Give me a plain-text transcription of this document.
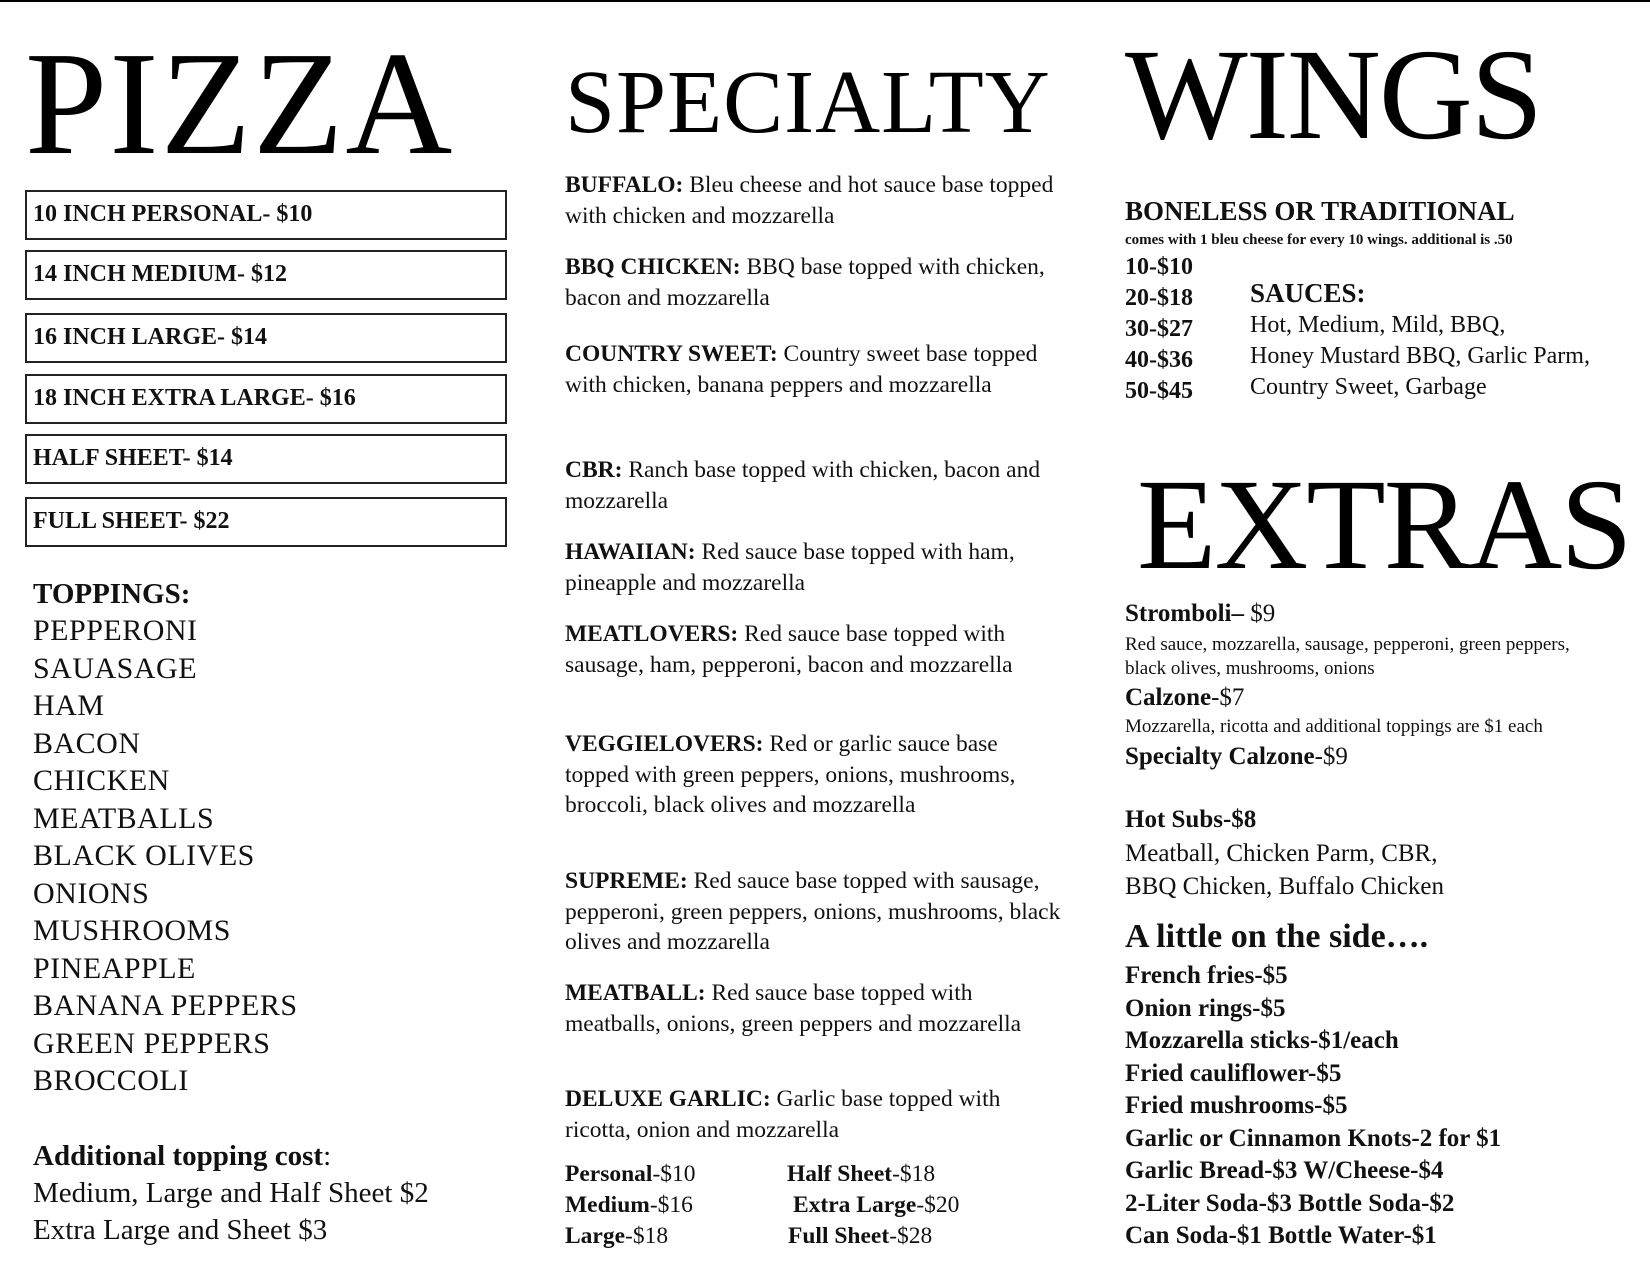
PIZZA
10 INCH PERSONAL- $10
14 INCH MEDIUM- $12
16 INCH LARGE- $14
18 INCH EXTRA LARGE- $16
HALF SHEET- $14
FULL SHEET- $22
TOPPINGS:
PEPPERONI
SAUASAGE
HAM
BACON
CHICKEN
MEATBALLS
BLACK OLIVES
ONIONS
MUSHROOMS
PINEAPPLE
BANANA PEPPERS
GREEN PEPPERS
BROCCOLI
Additional topping cost:
Medium, Large and Half Sheet $2
Extra Large and Sheet $3
SPECIALTY

BUFFALO: Bleu cheese and hot sauce base topped with chicken and mozzarella

BBQ CHICKEN: BBQ base topped with chicken, bacon and mozzarella

COUNTRY SWEET: Country sweet base topped with chicken, banana peppers and mozzarella

CBR: Ranch base topped with chicken, bacon and mozzarella

HAWAIIAN: Red sauce base topped with ham, pineapple and mozzarella

MEATLOVERS: Red sauce base topped with sausage, ham, pepperoni, bacon and mozzarella

VEGGIELOVERS: Red or garlic sauce base topped with green peppers, onions, mushrooms, broccoli, black olives and mozzarella

SUPREME: Red sauce base topped with sausage, pepperoni, green peppers, onions, mushrooms, black olives and mozzarella

MEATBALL: Red sauce base topped with meatballs, onions, green peppers and mozzarella

DELUXE GARLIC: Garlic base topped with ricotta, onion and mozzarella

Personal-$10	Half Sheet-$18
Medium-$16	Extra Large-$20
Large-$18	Full Sheet-$28
WINGS
BONELESS OR TRADITIONAL
comes with 1 bleu cheese for every 10 wings. additional is .50
10-$10
20-$18
30-$27
40-$36
50-$45
SAUCES:
Hot, Medium, Mild, BBQ,
Honey Mustard BBQ, Garlic Parm,
Country Sweet, Garbage
EXTRAS
Stromboli– $9
Red sauce, mozzarella, sausage, pepperoni, green peppers,
black olives, mushrooms, onions
Calzone-$7
Mozzarella, ricotta and additional toppings are $1 each
Specialty Calzone-$9
Hot Subs-$8
Meatball, Chicken Parm, CBR,
BBQ Chicken, Buffalo Chicken
A little on the side….
French fries-$5
Onion rings-$5
Mozzarella sticks-$1/each
Fried cauliflower-$5
Fried mushrooms-$5
Garlic or Cinnamon Knots-2 for $1
Garlic Bread-$3 W/Cheese-$4
2-Liter Soda-$3 Bottle Soda-$2
Can Soda-$1 Bottle Water-$1
